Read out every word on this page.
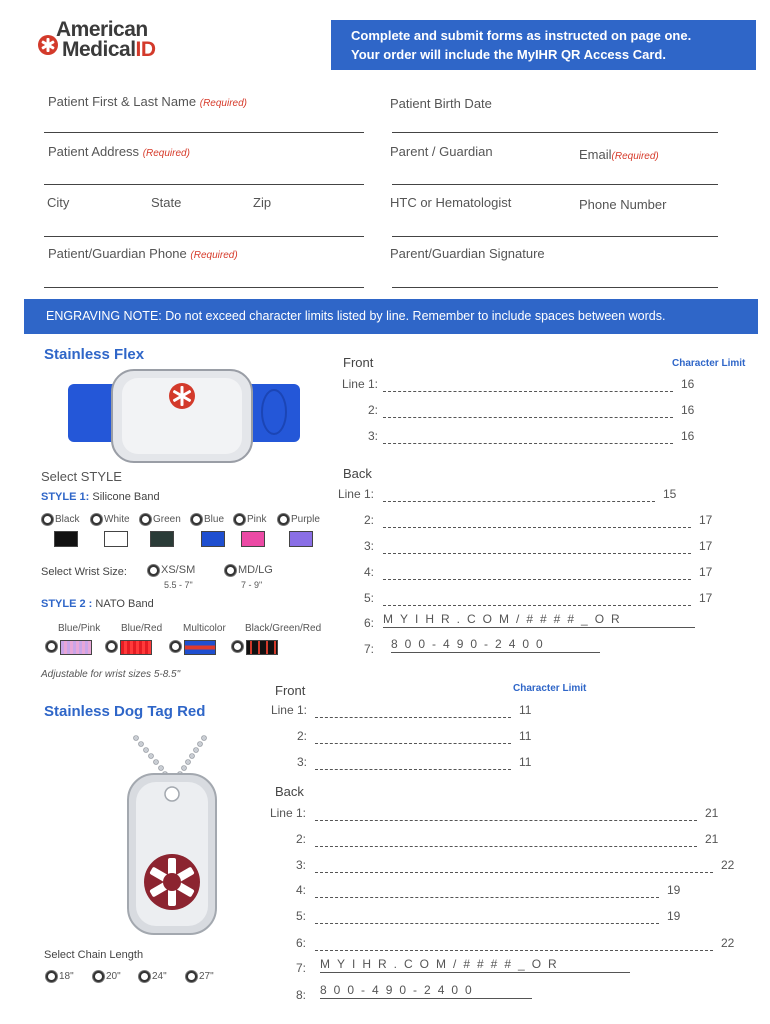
American
MedicalID
Complete and submit forms as instructed on page one.
Your order will include the MyIHR QR Access Card.
Patient First & Last Name (Required)	Patient Birth Date
Patient Address (Required)	Parent / Guardian	Email(Required)
City	State	Zip	HTC or Hematologist	Phone Number
Patient/Guardian Phone (Required)	Parent/Guardian Signature
ENGRAVING NOTE: Do not exceed character limits listed by line. Remember to include spaces between words.
Stainless Flex	Front	Character Limit
Line 1:	16
2:	16
3:	16
Back
Line 1:	15
2:	17
3:	17
4:	17
5:	17
6: MYIHR.COM/####_OR
7: 800-490-2400
Select STYLE
STYLE 1: Silicone Band
Black	White	Green	Blue	Pink	Purple
Select Wrist Size:	XS/SM
5.5 - 7"
MD/LG
7 - 9"
STYLE 2 : NATO Band
Blue/Pink Blue/Red Multicolor Black/Green/Red
Adjustable for wrist sizes 5-8.5"
Stainless Dog Tag Red
Front	Character Limit
Line 1:	11
2:	11
3:	11
Back
Line 1:	21
2:	21
3:	22
4:	19
5:	19
6:	22
7: MYIHR.COM/####_OR
8: 800-490-2400
Select Chain Length
18"	20"	24"	27"
